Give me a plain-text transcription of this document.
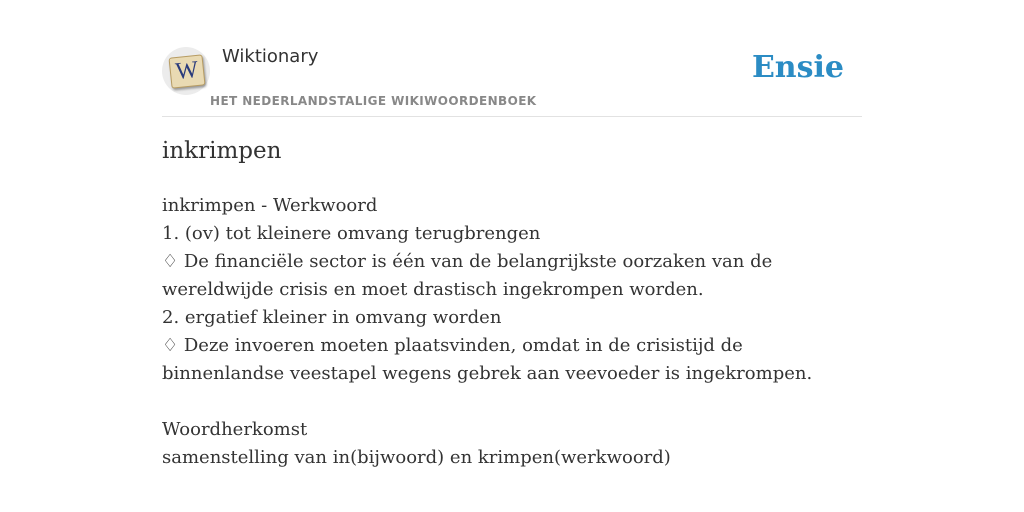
W
Wiktionary
HET NEDERLANDSTALIGE WIKIWOORDENBOEK
Ensie
inkrimpen
inkrimpen - Werkwoord
1. (ov) tot kleinere omvang terugbrengen
♢ De financiële sector is één van de belangrijkste oorzaken van de wereldwijde crisis en moet drastisch ingekrompen worden.
2. ergatief kleiner in omvang worden
♢ Deze invoeren moeten plaatsvinden, omdat in de crisistijd de binnenlandse veestapel wegens gebrek aan veevoeder is ingekrompen.
Woordherkomst
samenstelling van in(bijwoord) en krimpen(werkwoord)
